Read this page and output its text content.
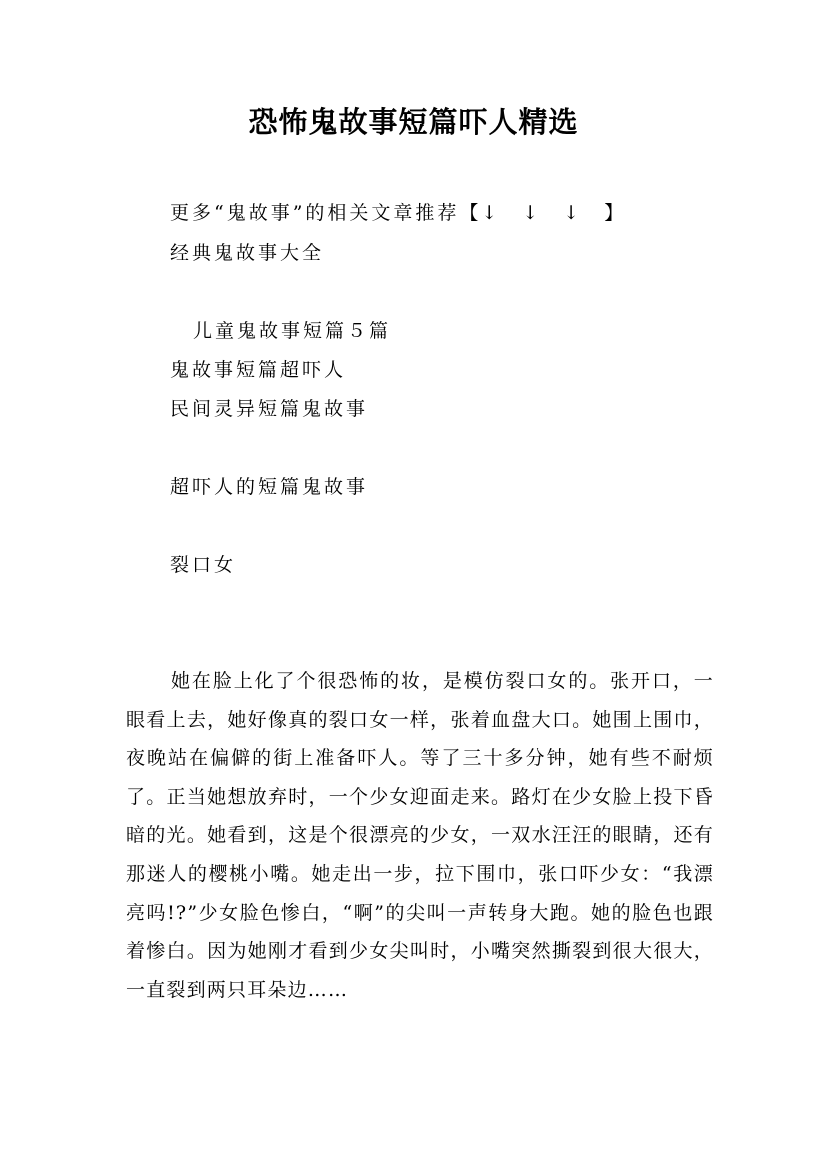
恐怖鬼故事短篇吓人精选
更多“鬼故事”的相关文章推荐【↓　↓　↓　】
经典鬼故事大全
儿童鬼故事短篇５篇
鬼故事短篇超吓人
民间灵异短篇鬼故事
超吓人的短篇鬼故事
裂口女

她在脸上化了个很恐怖的妆，是模仿裂口女的。张开口，一眼看上去，她好像真的裂口女一样，张着血盘大口。她围上围巾，夜晚站在偏僻的街上准备吓人。等了三十多分钟，她有些不耐烦了。正当她想放弃时，一个少女迎面走来。路灯在少女脸上投下昏暗的光。她看到，这是个很漂亮的少女，一双水汪汪的眼睛，还有那迷人的樱桃小嘴。她走出一步，拉下围巾，张口吓少女：“我漂亮吗!?”少女脸色惨白，“啊”的尖叫一声转身大跑。她的脸色也跟着惨白。因为她刚才看到少女尖叫时，小嘴突然撕裂到很大很大，一直裂到两只耳朵边……
